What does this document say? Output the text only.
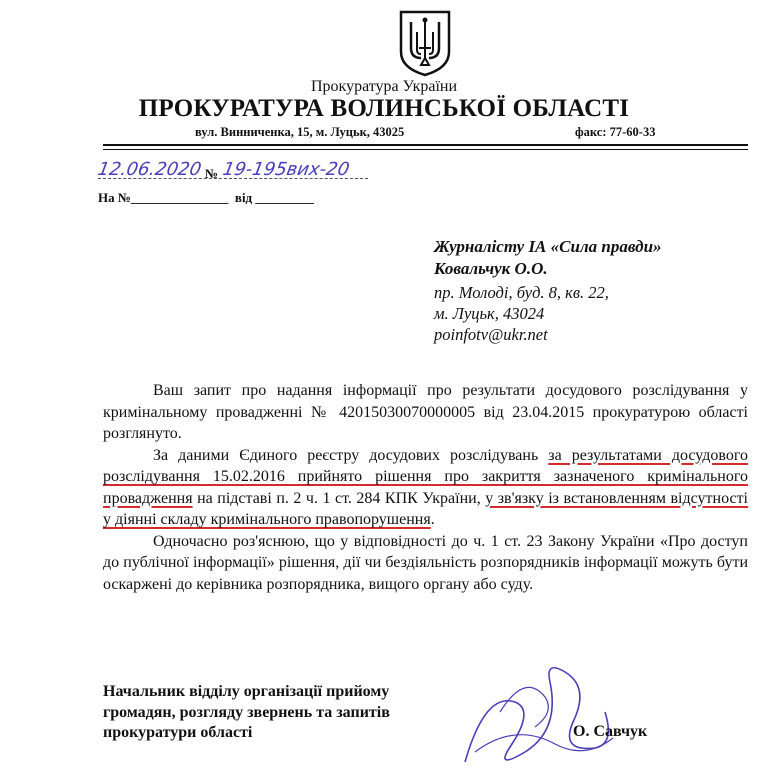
Прокуратура України
ПРОКУРАТУРА ВОЛИНСЬКОЇ ОБЛАСТІ
вул. Винниченка, 15, м. Луцьк, 43025	факс: 77-60-33
12.06.2020 № 19-195вих-20
На №_______________  від _________
Журналісту ІА «Сила правди»
Ковальчук О.О.
пр. Молоді, буд. 8, кв. 22,
м. Луцьк, 43024
poinfotv@ukr.net

Ваш запит про надання інформації про результати досудового розслідування у кримінальному провадженні № 42015030070000005 від 23.04.2015 прокуратурою області розглянуто.

За даними Єдиного реєстру досудових розслідувань за результатами досудового розслідування 15.02.2016 прийнято рішення про закриття зазначеного кримінального провадження на підставі п. 2 ч. 1 ст. 284 КПК України, у зв'язку із встановленням відсутності у діянні складу кримінального правопорушення.

Одночасно роз'яснюю, що у відповідності до ч. 1 ст. 23 Закону України «Про доступ до публічної інформації» рішення, дії чи бездіяльність розпорядників інформації можуть бути оскаржені до керівника розпорядника, вищого органу або суду.

Начальник відділу організації прийому
громадян, розгляду звернень та запитів
прокуратури області	О. Савчук
